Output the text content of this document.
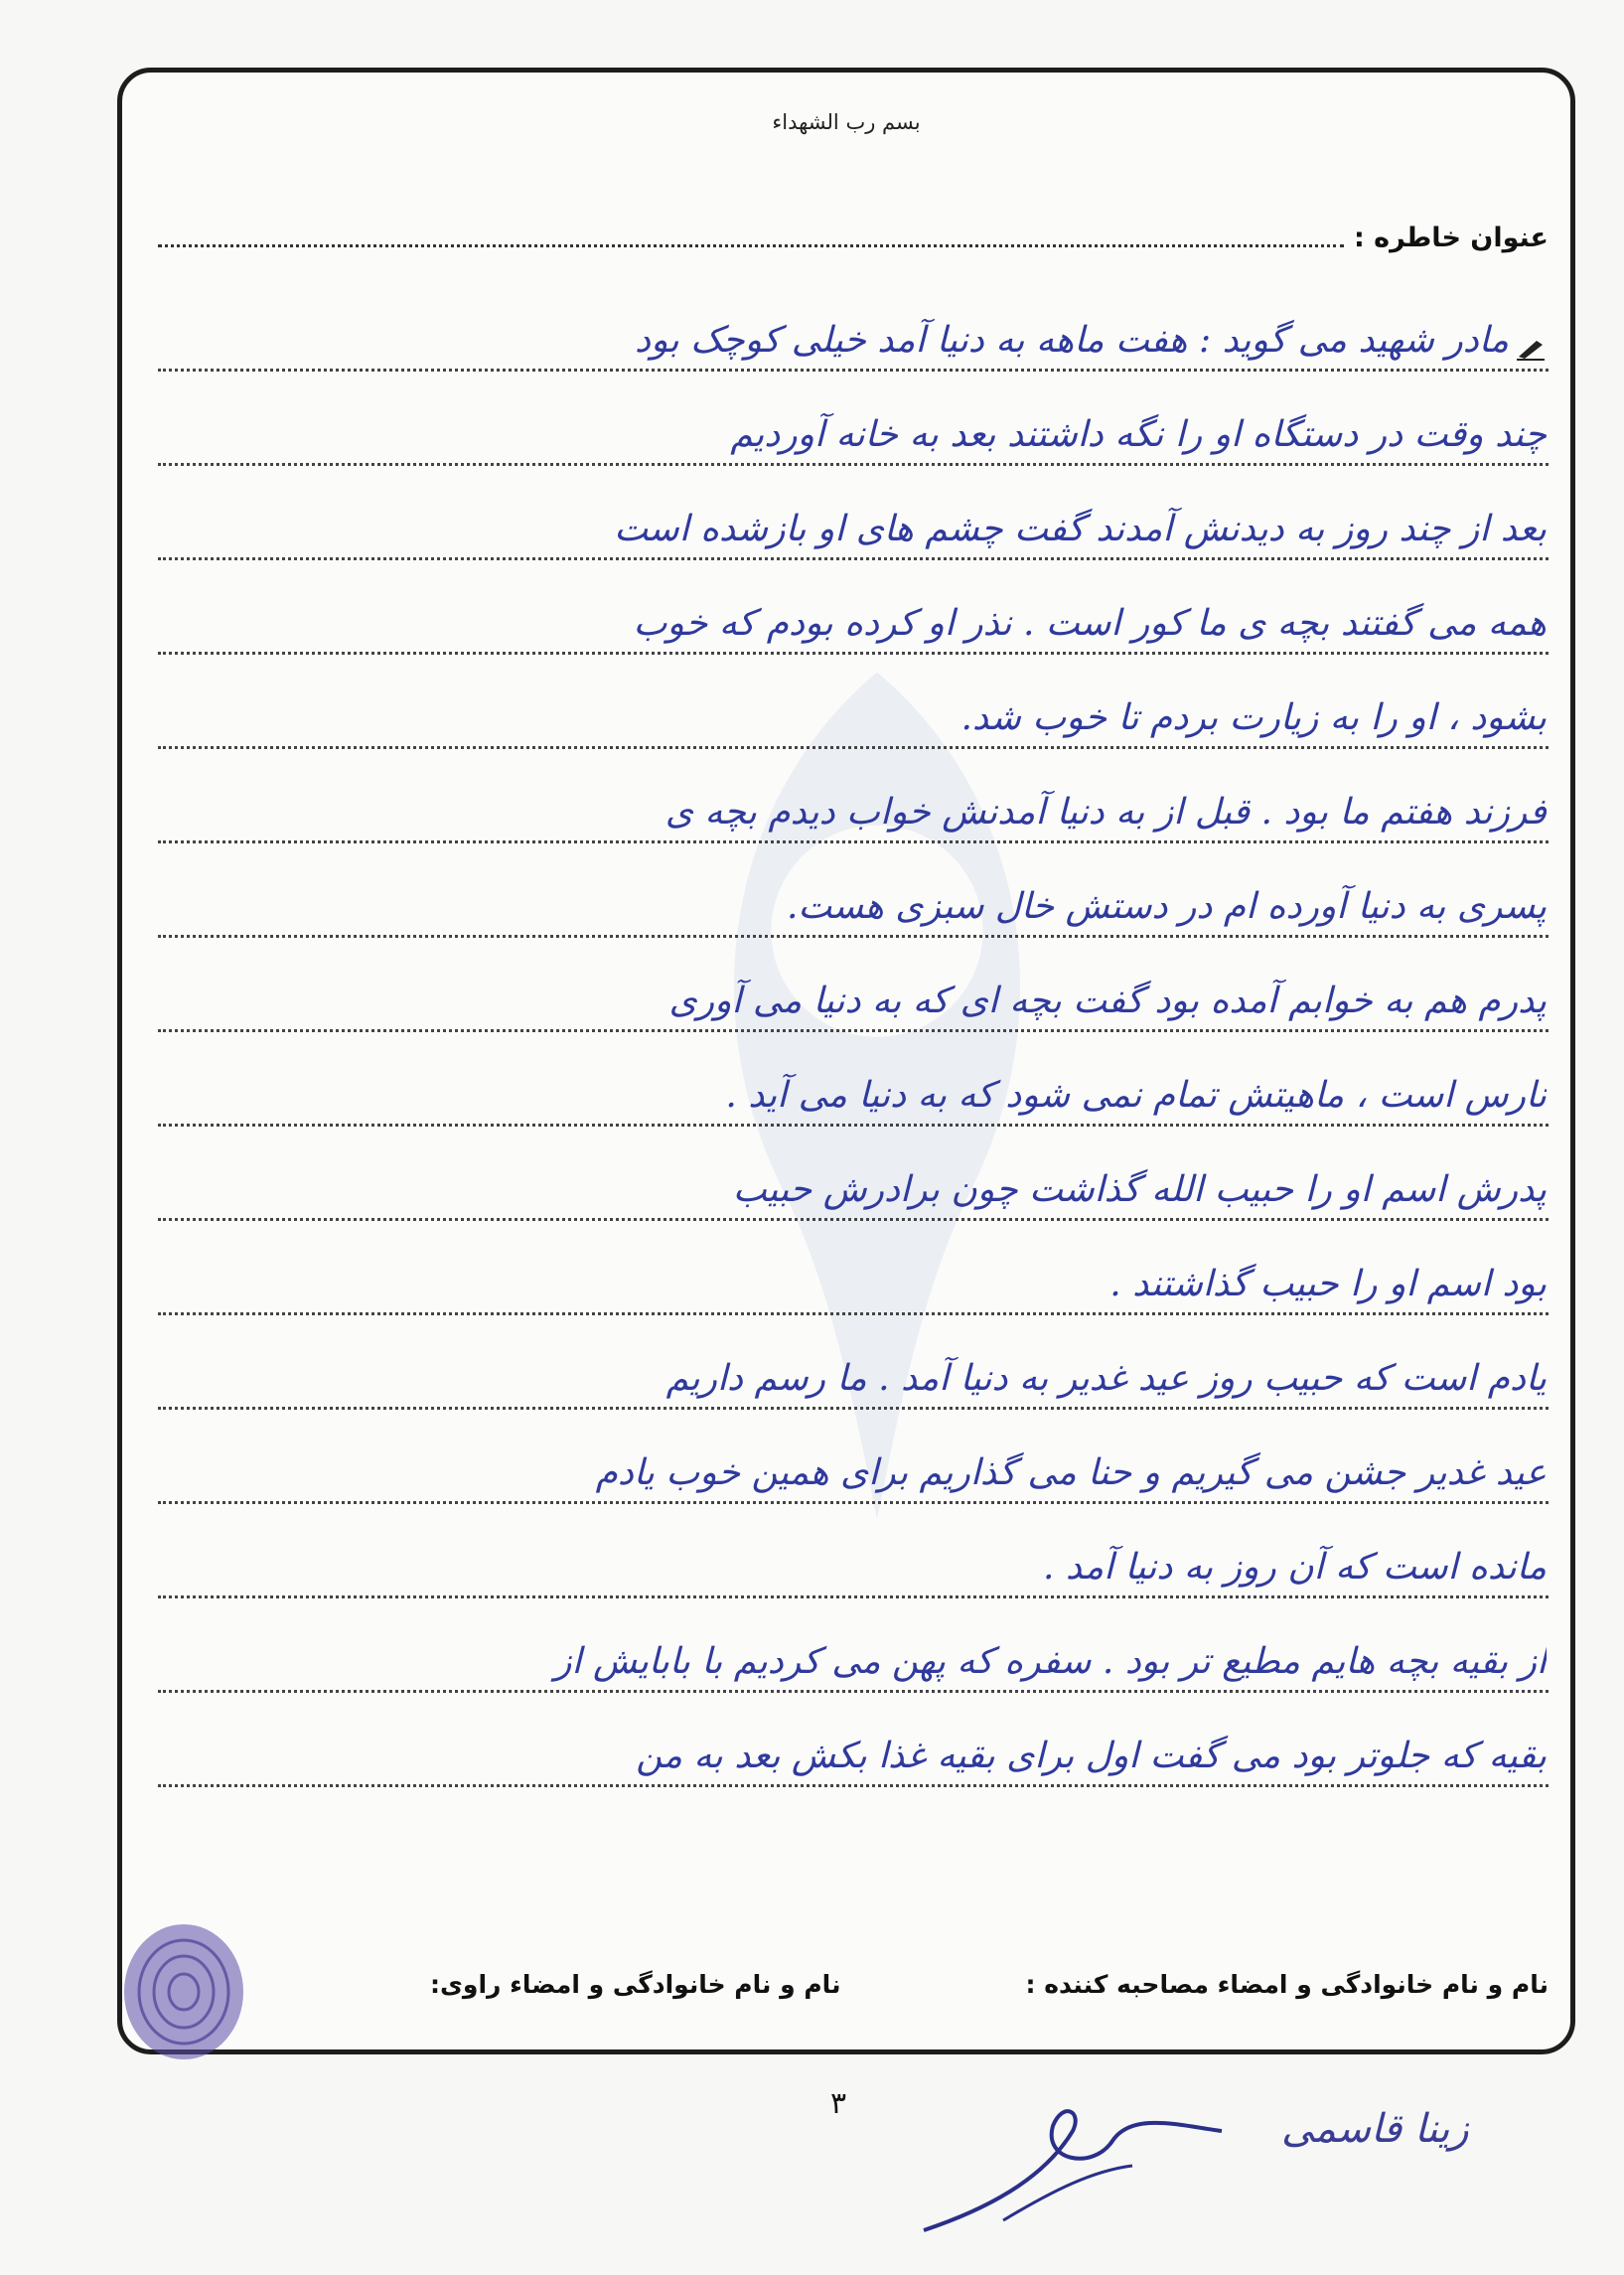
بسم رب الشهداء
عنوان خاطره :
مادر شهید می گوید : هفت ماهه به دنیا آمد خیلی کوچک بود
چند وقت در دستگاه او را نگه داشتند بعد به خانه آوردیم
بعد از چند روز به دیدنش آمدند گفت چشم های او بازشده است
همه می گفتند بچه ی ما کور است . نذر او کرده بودم که خوب
بشود ، او را به زیارت بردم تا خوب شد.
فرزند هفتم ما بود . قبل از به دنیا آمدنش خواب دیدم بچه ی
پسری به دنیا آورده ام در دستش خال سبزی هست.
پدرم هم به خوابم آمده بود گفت بچه ای که به دنیا می آوری
نارس است ، ماهیتش تمام نمی شود که به دنیا می آید .
پدرش اسم او را حبیب الله گذاشت چون برادرش حبیب
بود اسم او را حبیب گذاشتند .
یادم است که حبیب روز عید غدیر به دنیا آمد . ما رسم داریم
عید غدیر جشن می گیریم و حنا می گذاریم برای همین خوب یادم
مانده است که آن روز به دنیا آمد .
از بقیه بچه هایم مطیع تر بود . سفره که پهن می کردیم با بابایش از
بقیه که جلوتر بود می گفت اول برای بقیه غذا بکش بعد به من
نام و نام خانوادگی و امضاء مصاحبه کننده :
نام و نام خانوادگی و امضاء راوی:
۳
زینا قاسمی
